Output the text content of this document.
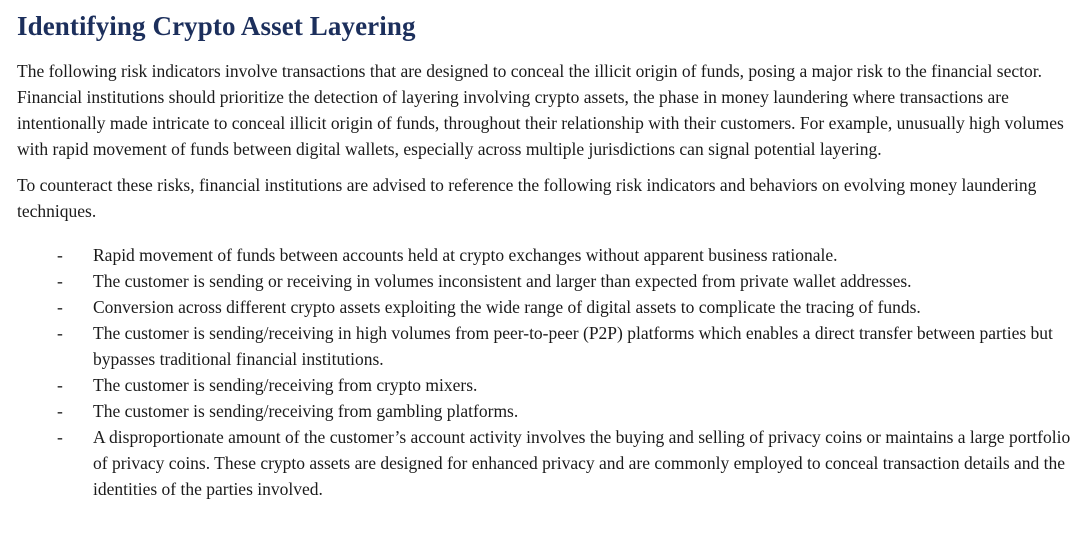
Identifying Crypto Asset Layering

The following risk indicators involve transactions that are designed to conceal the illicit origin of funds, posing a major risk to the financial sector. Financial institutions should prioritize the detection of layering involving crypto assets, the phase in money laundering where transactions are intentionally made intricate to conceal illicit origin of funds, throughout their relationship with their customers. For example, unusually high volumes with rapid movement of funds between digital wallets, especially across multiple jurisdictions can signal potential layering.

To counteract these risks, financial institutions are advised to reference the following risk indicators and behaviors on evolving money laundering techniques.

-	Rapid movement of funds between accounts held at crypto exchanges without apparent business rationale.
-	The customer is sending or receiving in volumes inconsistent and larger than expected from private wallet addresses.
-	Conversion across different crypto assets exploiting the wide range of digital assets to complicate the tracing of funds.
-	The customer is sending/receiving in high volumes from peer-to-peer (P2P) platforms which enables a direct transfer between parties but bypasses traditional financial institutions.
-	The customer is sending/receiving from crypto mixers.
-	The customer is sending/receiving from gambling platforms.
-	A disproportionate amount of the customer’s account activity involves the buying and selling of privacy coins or maintains a large portfolio of privacy coins. These crypto assets are designed for enhanced privacy and are commonly employed to conceal transaction details and the identities of the parties involved.
